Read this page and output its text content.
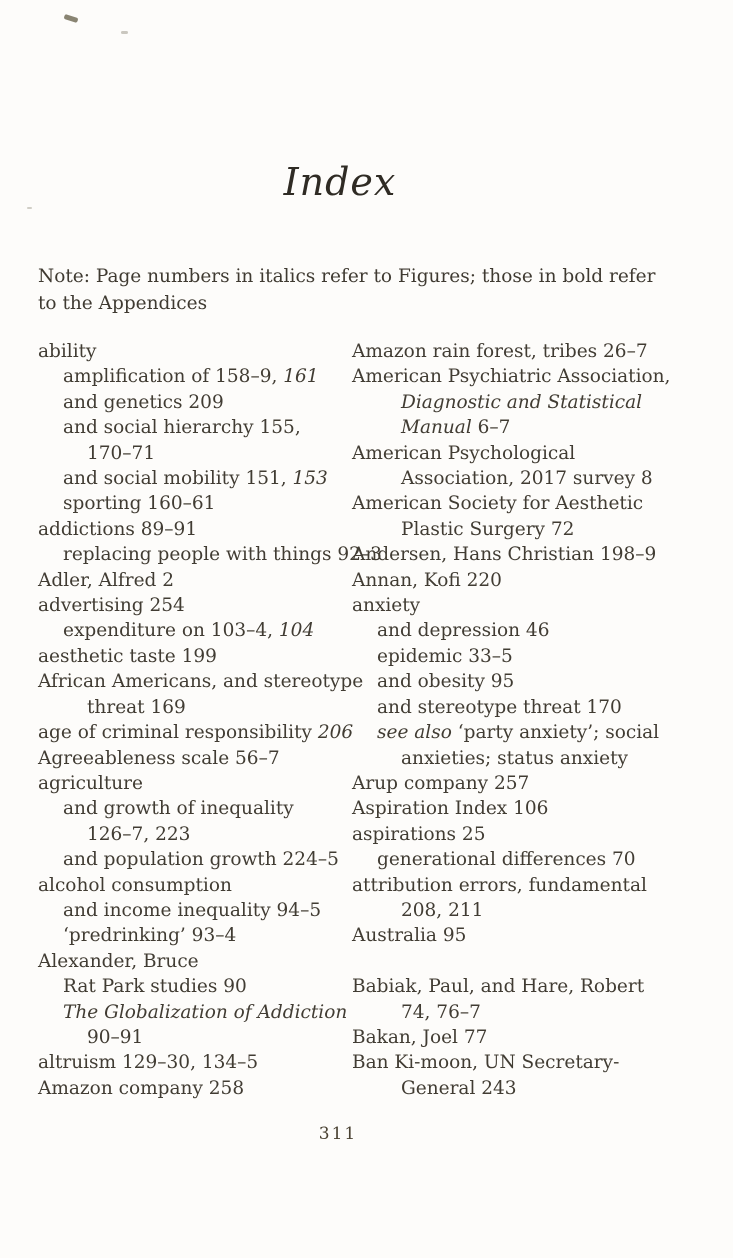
Index
Note: Page numbers in italics refer to Figures; those in bold refer to the Appendices
ability
amplification of 158–9, 161
and genetics 209
and social hierarchy 155,
170–71
and social mobility 151, 153
sporting 160–61
addictions 89–91
replacing people with things 92–3
Adler, Alfred 2
advertising 254
expenditure on 103–4, 104
aesthetic taste 199
African Americans, and stereotype
threat 169
age of criminal responsibility 206
Agreeableness scale 56–7
agriculture
and growth of inequality
126–7, 223
and population growth 224–5
alcohol consumption
and income inequality 94–5
‘predrinking’ 93–4
Alexander, Bruce
Rat Park studies 90
The Globalization of Addiction
90–91
altruism 129–30, 134–5
Amazon company 258
Amazon rain forest, tribes 26–7
American Psychiatric Association,
Diagnostic and Statistical
Manual 6–7
American Psychological
Association, 2017 survey 8
American Society for Aesthetic
Plastic Surgery 72
Andersen, Hans Christian 198–9
Annan, Kofi 220
anxiety
and depression 46
epidemic 33–5
and obesity 95
and stereotype threat 170
see also ‘party anxiety’; social
anxieties; status anxiety
Arup company 257
Aspiration Index 106
aspirations 25
generational differences 70
attribution errors, fundamental
208, 211
Australia 95
Babiak, Paul, and Hare, Robert
74, 76–7
Bakan, Joel 77
Ban Ki-moon, UN Secretary-
General 243
311
